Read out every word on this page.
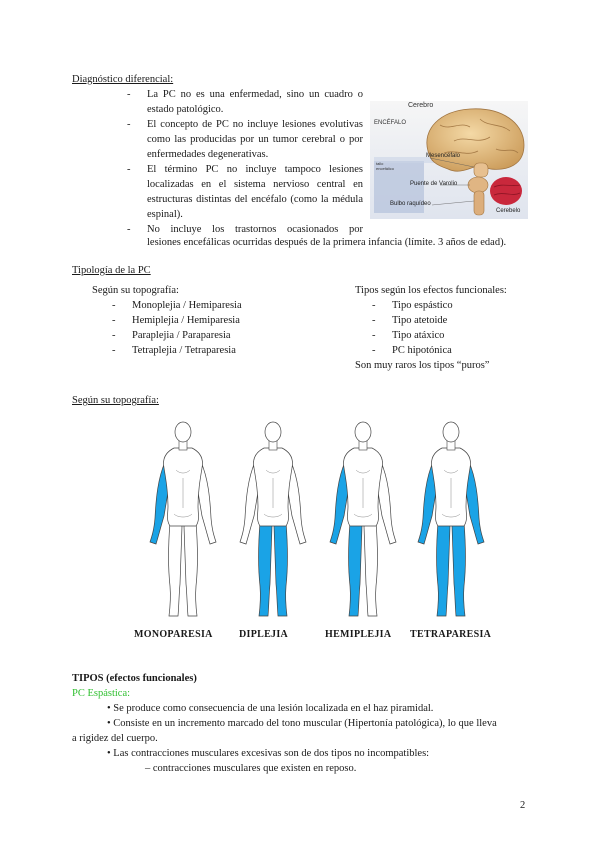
Diagnóstico diferencial:
- La PC no es una enfermedad, sino un cuadro o estado patológico.
- El concepto de PC no incluye lesiones evolutivas como las producidas por un tumor cerebral o por enfermedades degenerativas.
- El término PC no incluye tampoco lesiones localizadas en el sistema nervioso central en estructuras distintas del encéfalo (como la médula espinal).
- No incluye los trastornos ocasionados por
lesiones encefálicas ocurridas después de la primera infancia (límite. 3 años de edad).
Cerebro
ENCÉFALO
tallo encefálico
Mesencéfalo
Puente de Varolio
Bulbo raquídeo
Cerebelo
Tipología de la PC
Según su topografía:
- Monoplejia / Hemiparesia
- Hemiplejia / Hemiparesia
- Paraplejia / Paraparesia
- Tetraplejia / Tetraparesia
Tipos según los efectos funcionales:
- Tipo espástico
- Tipo atetoide
- Tipo atáxico
- PC hipotónica
Son muy raros los tipos “puros”
Según su topografía:
MONOPARESIA	DIPLEJIA	HEMIPLEJIA TETRAPARESIA
TIPOS (efectos funcionales)
PC Espástica:
• Se produce como consecuencia de una lesión localizada en el haz piramidal.
• Consiste en un incremento marcado del tono muscular (Hipertonía patológica), lo que lleva
a rigidez del cuerpo.
• Las contracciones musculares excesivas son de dos tipos no incompatibles:
– contracciones musculares que existen en reposo.
2
